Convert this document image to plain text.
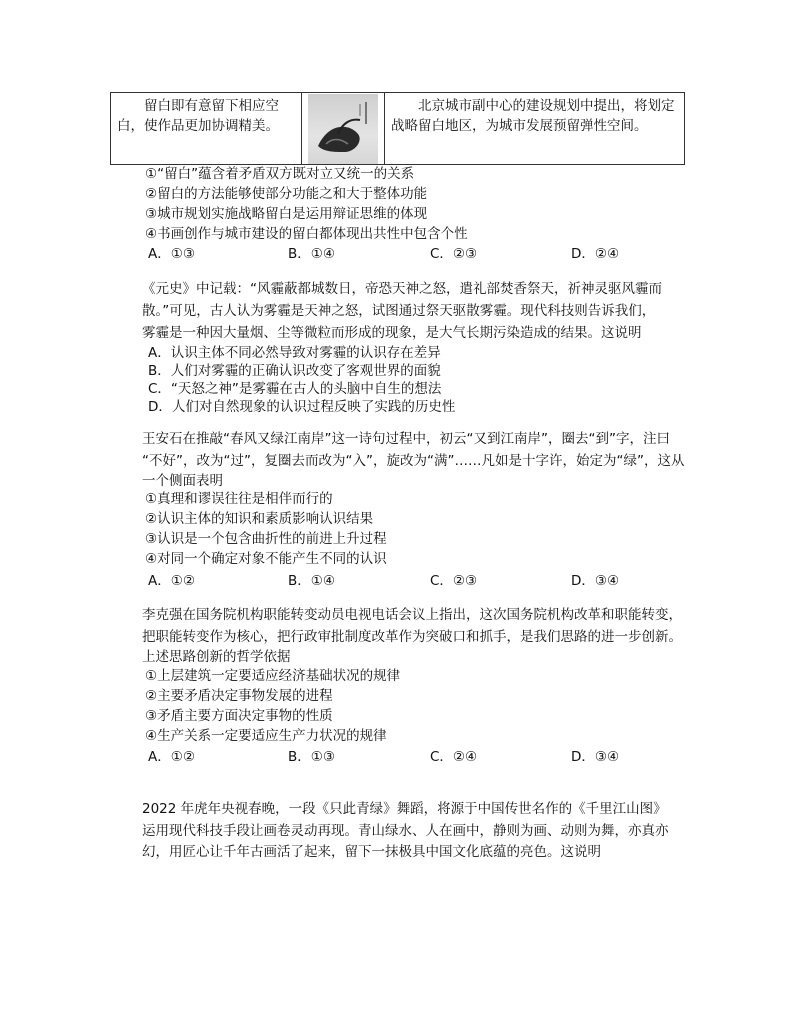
留白即有意留下相应空白，使作品更加协调精美。	
	北京城市副中心的建设规划中提出，将划定战略留白地区，为城市发展预留弹性空间。
①“留白”蕴含着矛盾双方既对立又统一的关系
②留白的方法能够使部分功能之和大于整体功能
③城市规划实施战略留白是运用辩证思维的体现
④书画创作与城市建设的留白都体现出共性中包含个性
A．①③	B．①④	C．②③	D．②④
《元史》中记载：“风霾蔽都城数日，帝恐天神之怒，遣礼部焚香祭天，祈神灵驱风霾而
散。”可见，古人认为雾霾是天神之怒，试图通过祭天驱散雾霾。现代科技则告诉我们，
雾霾是一种因大量烟、尘等微粒而形成的现象，是大气长期污染造成的结果。这说明
A．认识主体不同必然导致对雾霾的认识存在差异
B．人们对雾霾的正确认识改变了客观世界的面貌
C．“天怒之神”是雾霾在古人的头脑中自生的想法
D．人们对自然现象的认识过程反映了实践的历史性
王安石在推敲“春风又绿江南岸”这一诗句过程中，初云“又到江南岸”，圈去“到”字，注曰
“不好”，改为“过”，复圈去而改为“入”，旋改为“满”……凡如是十字许，始定为“绿”，这从
一个侧面表明
①真理和谬误往往是相伴而行的
②认识主体的知识和素质影响认识结果
③认识是一个包含曲折性的前进上升过程
④对同一个确定对象不能产生不同的认识
A．①②	B．①④	C．②③	D．③④
李克强在国务院机构职能转变动员电视电话会议上指出，这次国务院机构改革和职能转变，
把职能转变作为核心，把行政审批制度改革作为突破口和抓手，是我们思路的进一步创新。
上述思路创新的哲学依据
①上层建筑一定要适应经济基础状况的规律
②主要矛盾决定事物发展的进程
③矛盾主要方面决定事物的性质
④生产关系一定要适应生产力状况的规律
A．①②	B．①③	C．②④	D．③④
2022 年虎年央视春晚，一段《只此青绿》舞蹈，将源于中国传世名作的《千里江山图》
运用现代科技手段让画卷灵动再现。青山绿水、人在画中，静则为画、动则为舞，亦真亦
幻，用匠心让千年古画活了起来，留下一抹极具中国文化底蕴的亮色。这说明
